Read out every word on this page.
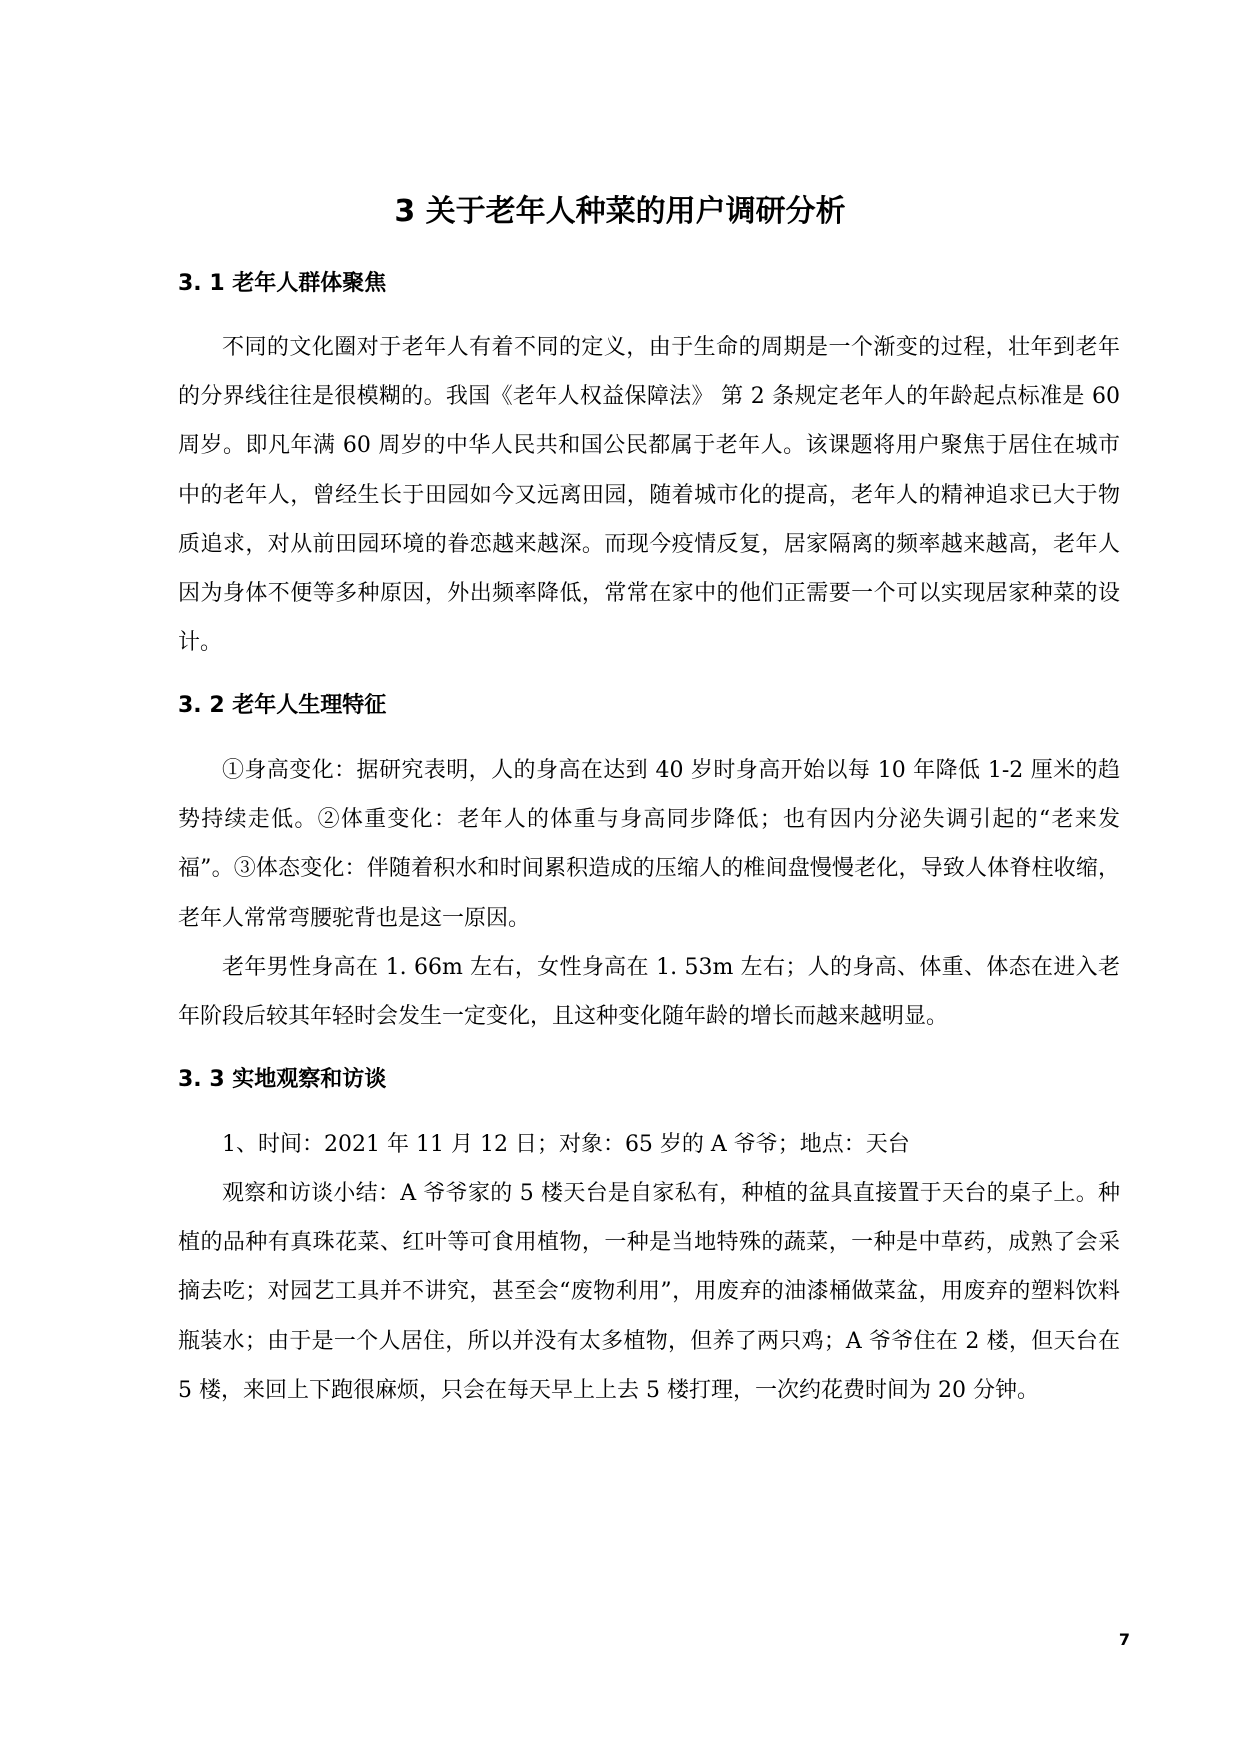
3 关于老年人种菜的用户调研分析
3. 1 老年人群体聚焦

不同的文化圈对于老年人有着不同的定义，由于生命的周期是一个渐变的过程，壮年到老年的分界线往往是很模糊的。我国《老年人权益保障法》 第 2 条规定老年人的年龄起点标准是 60 周岁。即凡年满 60 周岁的中华人民共和国公民都属于老年人。该课题将用户聚焦于居住在城市中的老年人，曾经生长于田园如今又远离田园，随着城市化的提高，老年人的精神追求已大于物质追求，对从前田园环境的眷恋越来越深。而现今疫情反复，居家隔离的频率越来越高，老年人因为身体不便等多种原因，外出频率降低，常常在家中的他们正需要一个可以实现居家种菜的设计。

3. 2 老年人生理特征

①身高变化：据研究表明，人的身高在达到 40 岁时身高开始以每 10 年降低 1-2 厘米的趋势持续走低。②体重变化：老年人的体重与身高同步降低；也有因内分泌失调引起的“老来发福”。③体态变化：伴随着积水和时间累积造成的压缩人的椎间盘慢慢老化，导致人体脊柱收缩，老年人常常弯腰驼背也是这一原因。

老年男性身高在 1. 66m 左右，女性身高在 1. 53m 左右；人的身高、体重、体态在进入老年阶段后较其年轻时会发生一定变化，且这种变化随年龄的增长而越来越明显。

3. 3 实地观察和访谈

1、时间：2021 年 11 月 12 日；对象：65 岁的 A 爷爷；地点：天台

观察和访谈小结：A 爷爷家的 5 楼天台是自家私有，种植的盆具直接置于天台的桌子上。种植的品种有真珠花菜、红叶等可食用植物，一种是当地特殊的蔬菜，一种是中草药，成熟了会采摘去吃；对园艺工具并不讲究，甚至会“废物利用”，用废弃的油漆桶做菜盆，用废弃的塑料饮料瓶装水；由于是一个人居住，所以并没有太多植物，但养了两只鸡；A 爷爷住在 2 楼，但天台在 5 楼，来回上下跑很麻烦，只会在每天早上上去 5 楼打理，一次约花费时间为 20 分钟。

7
